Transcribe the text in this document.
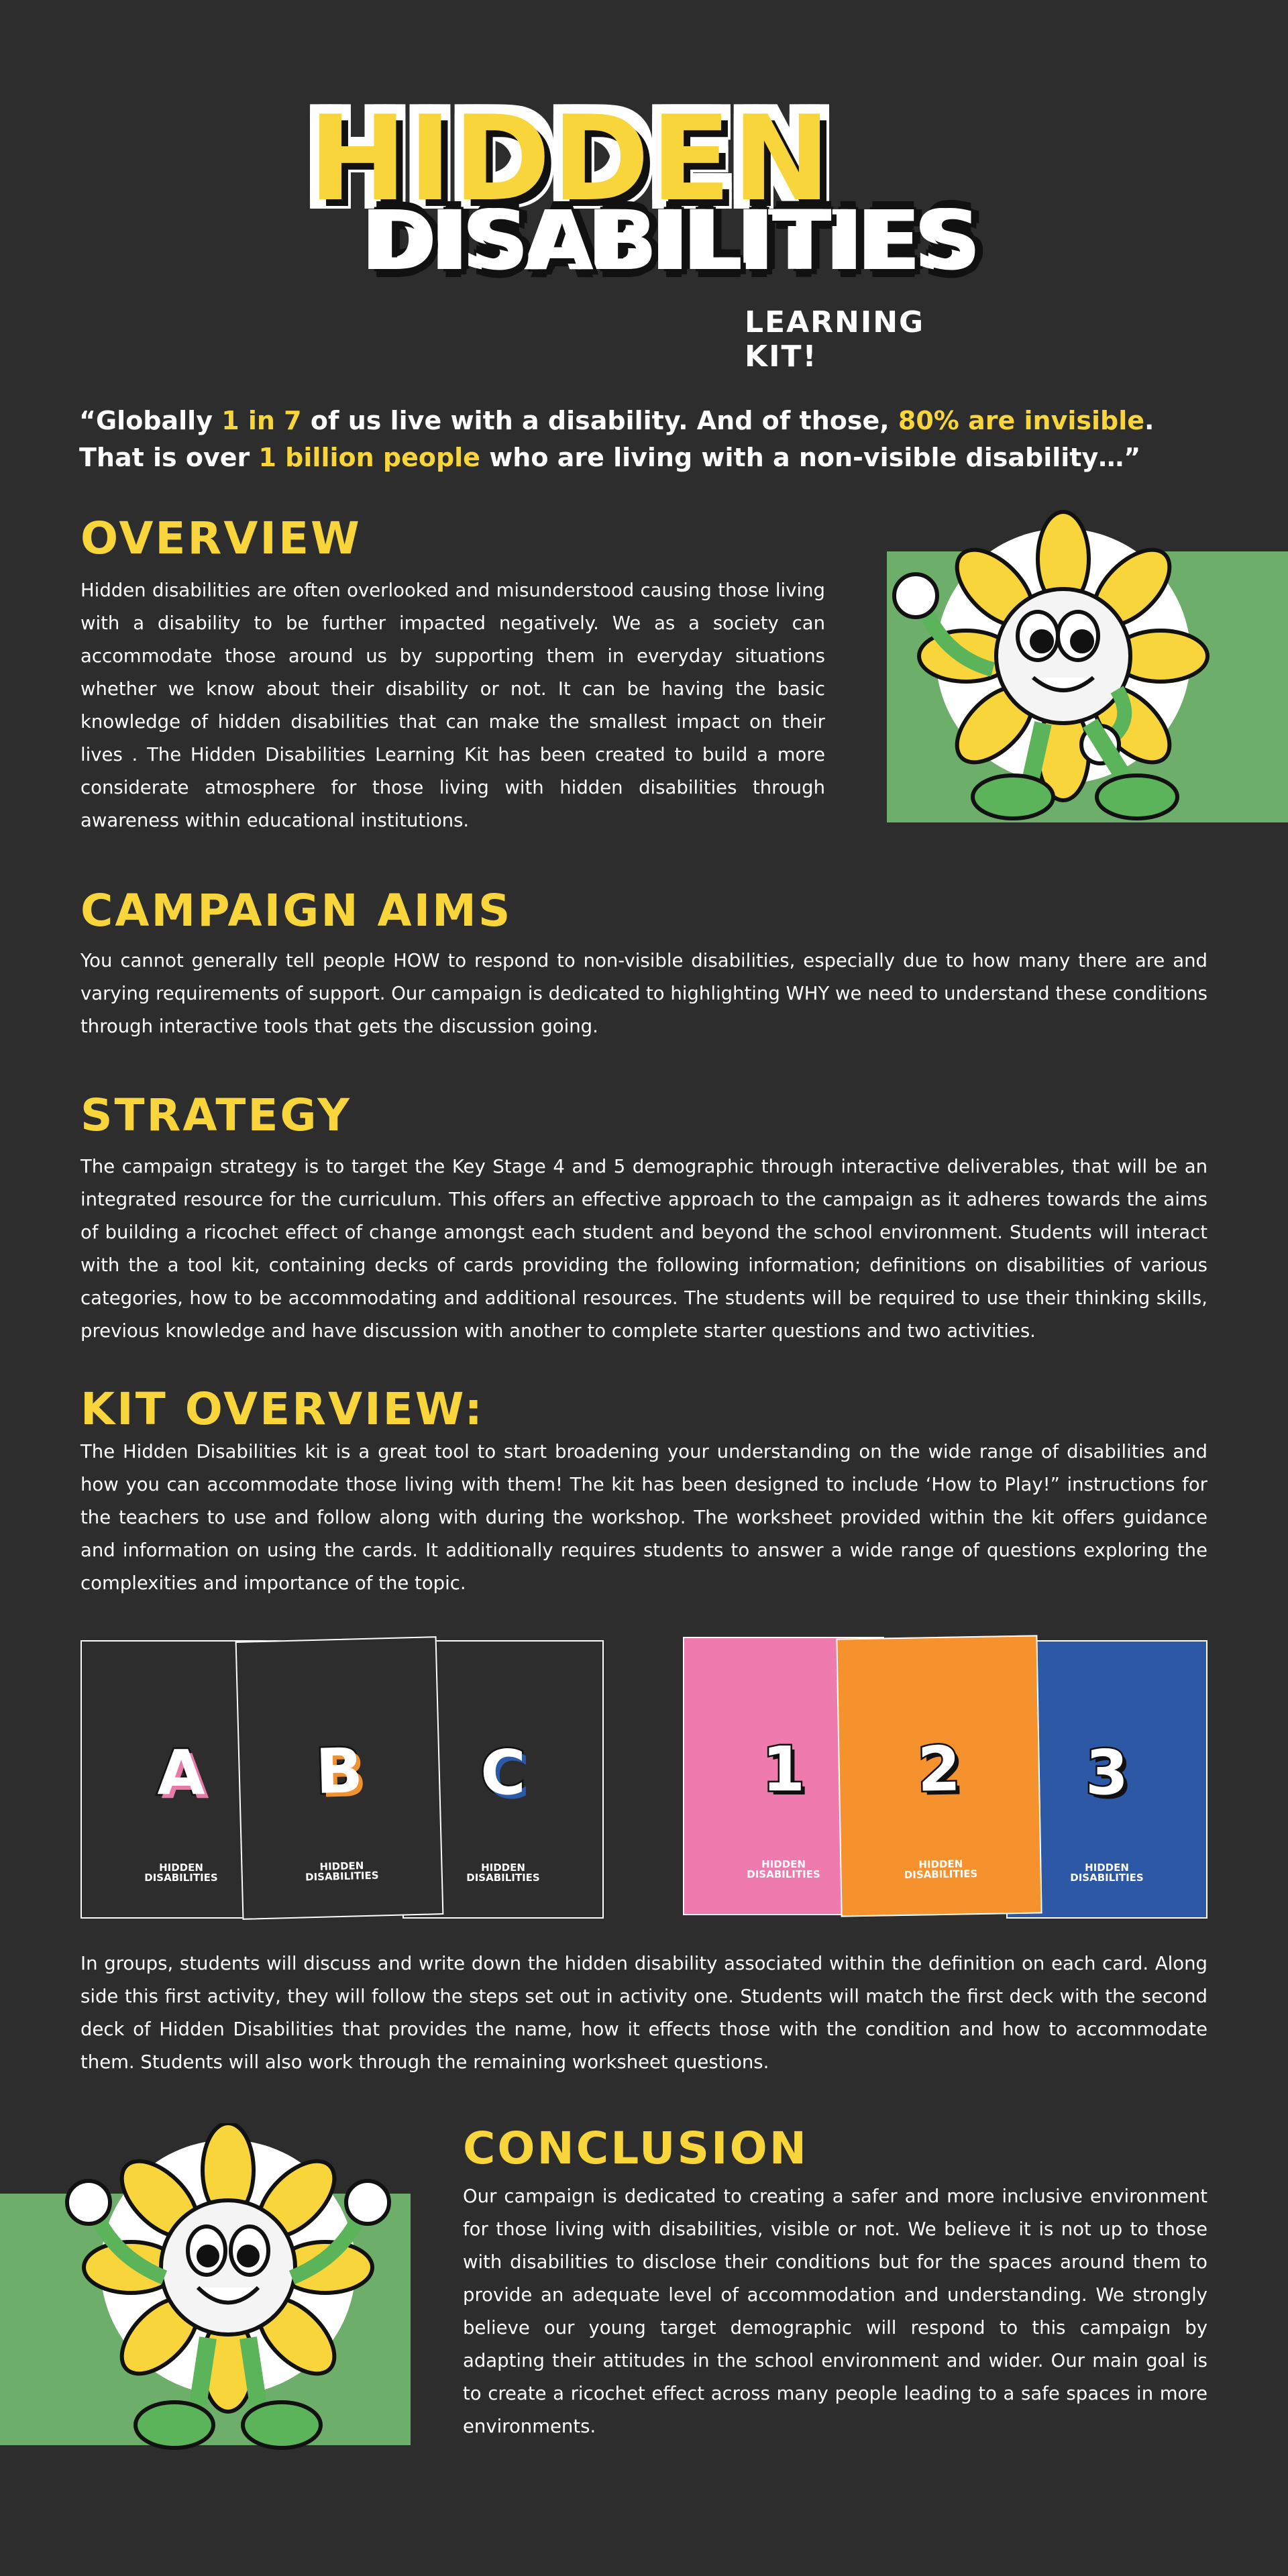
HIDDEN
DISABILITIES
LEARNING KIT!
“Globally 1 in 7 of us live with a disability. And of those, 80% are invisible. That is over 1 billion people who are living with a non-visible disability…”
OVERVIEW
Hidden disabilities are often overlooked and misunderstood causing those living with a disability to be further impacted negatively. We as a society can accommodate those around us by supporting them in everyday situations whether we know about their disability or not. It can be having the basic knowledge of hidden disabilities that can make the smallest impact on their lives . The Hidden Disabilities Learning Kit has been created to build a more considerate atmosphere for those living with hidden disabilities through awareness within educational institutions.
CAMPAIGN AIMS
You cannot generally tell people HOW to respond to non-visible disabilities, especially due to how many there are and varying requirements of support. Our campaign is dedicated to highlighting WHY we need to understand these conditions through interactive tools that gets the discussion going.
STRATEGY
The campaign strategy is to target the Key Stage 4 and 5 demographic through interactive deliverables, that will be an integrated resource for the curriculum. This offers an effective approach to the campaign as it adheres towards the aims of building a ricochet effect of change amongst each student and beyond the school environment. Students will interact with the a tool kit, containing decks of cards providing the following information; definitions on disabilities of various categories, how to be accommodating and additional resources. The students will be required to use their thinking skills, previous knowledge and have discussion with another to complete starter questions and two activities.
KIT OVERVIEW:
The Hidden Disabilities kit is a great tool to start broadening your understanding on the wide range of disabilities and how you can accommodate those living with them! The kit has been designed to include ‘How to Play!” instructions for the teachers to use and follow along with during the workshop. The worksheet provided within the kit offers guidance and information on using the cards. It additionally requires students to answer a wide range of questions exploring the complexities and importance of the topic.
A
HIDDEN
DISABILITIES
C
HIDDEN
DISABILITIES
B
HIDDEN
DISABILITIES
1
HIDDEN
DISABILITIES
3
HIDDEN
DISABILITIES
2
HIDDEN
DISABILITIES
In groups, students will discuss and write down the hidden disability associated within the definition on each card. Along side this first activity, they will follow the steps set out in activity one. Students will match the first deck with the second deck of Hidden Disabilities that provides the name, how it effects those with the condition and how to accommodate them. Students will also work through the remaining worksheet questions.
CONCLUSION
Our campaign is dedicated to creating a safer and more inclusive environment for those living with disabilities, visible or not. We believe it is not up to those with disabilities to disclose their conditions but for the spaces around them to provide an adequate level of accommodation and understanding. We strongly believe our young target demographic will respond to this campaign by adapting their attitudes in the school environment and wider. Our main goal is to create a ricochet effect across many people leading to a safe spaces in more environments.
